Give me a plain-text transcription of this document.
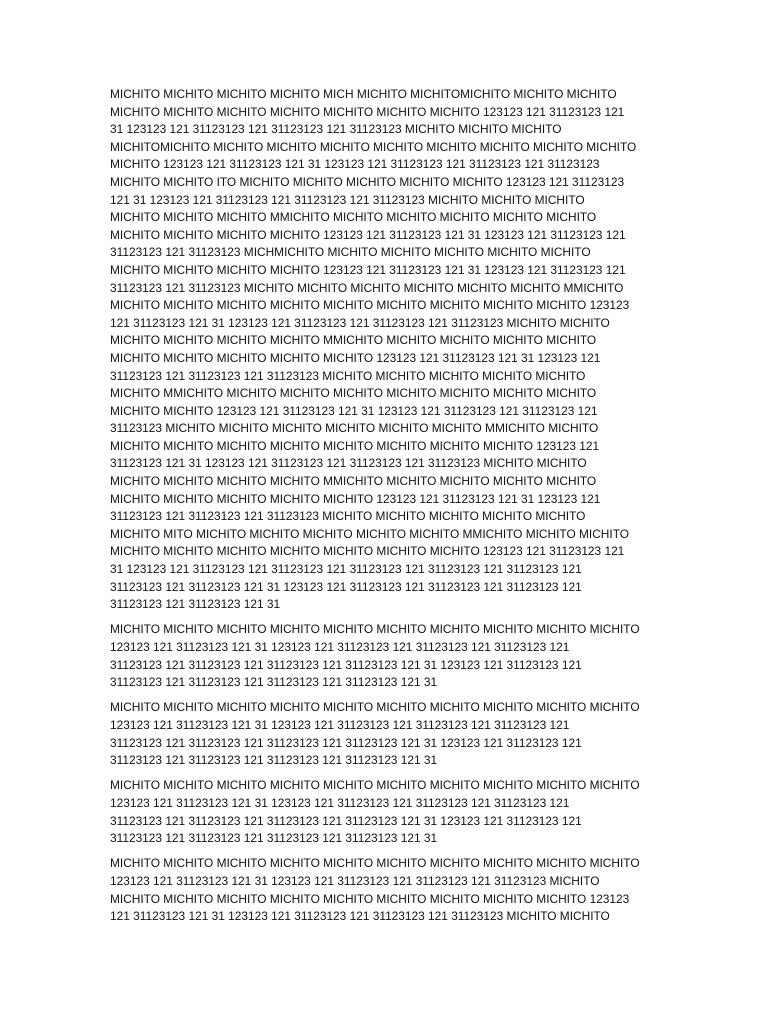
MICHITO MICHITO MICHITO MICHITO MICH MICHITO MICHITOMICHITO MICHITO MICHITO
MICHITO MICHITO MICHITO MICHITO MICHITO MICHITO MICHITO 123123 121 31123123 121
31 123123 121 31123123 121 31123123 121 31123123 MICHITO MICHITO MICHITO
MICHITOMICHITO MICHITO MICHITO MICHITO MICHITO MICHITO MICHITO MICHITO MICHITO
MICHITO 123123 121 31123123 121 31 123123 121 31123123 121 31123123 121 31123123
MICHITO MICHITO ITO MICHITO MICHITO MICHITO MICHITO MICHITO 123123 121 31123123
121 31 123123 121 31123123 121 31123123 121 31123123 MICHITO MICHITO MICHITO
MICHITO MICHITO MICHITO MMICHITO MICHITO MICHITO MICHITO MICHITO MICHITO
MICHITO MICHITO MICHITO MICHITO 123123 121 31123123 121 31 123123 121 31123123 121
31123123 121 31123123 MICHMICHITO MICHITO MICHITO MICHITO MICHITO MICHITO
MICHITO MICHITO MICHITO MICHITO 123123 121 31123123 121 31 123123 121 31123123 121
31123123 121 31123123 MICHITO MICHITO MICHITO MICHITO MICHITO MICHITO MMICHITO
MICHITO MICHITO MICHITO MICHITO MICHITO MICHITO MICHITO MICHITO MICHITO 123123
121 31123123 121 31 123123 121 31123123 121 31123123 121 31123123 MICHITO MICHITO
MICHITO MICHITO MICHITO MICHITO MMICHITO MICHITO MICHITO MICHITO MICHITO
MICHITO MICHITO MICHITO MICHITO MICHITO 123123 121 31123123 121 31 123123 121
31123123 121 31123123 121 31123123 MICHITO MICHITO MICHITO MICHITO MICHITO
MICHITO MMICHITO MICHITO MICHITO MICHITO MICHITO MICHITO MICHITO MICHITO
MICHITO MICHITO 123123 121 31123123 121 31 123123 121 31123123 121 31123123 121
31123123 MICHITO MICHITO MICHITO MICHITO MICHITO MICHITO MMICHITO MICHITO
MICHITO MICHITO MICHITO MICHITO MICHITO MICHITO MICHITO MICHITO 123123 121
31123123 121 31 123123 121 31123123 121 31123123 121 31123123 MICHITO MICHITO
MICHITO MICHITO MICHITO MICHITO MMICHITO MICHITO MICHITO MICHITO MICHITO
MICHITO MICHITO MICHITO MICHITO MICHITO 123123 121 31123123 121 31 123123 121
31123123 121 31123123 121 31123123 MICHITO MICHITO MICHITO MICHITO MICHITO
MICHITO MITO MICHITO MICHITO MICHITO MICHITO MICHITO MMICHITO MICHITO MICHITO
MICHITO MICHITO MICHITO MICHITO MICHITO MICHITO MICHITO 123123 121 31123123 121
31 123123 121 31123123 121 31123123 121 31123123 121 31123123 121 31123123 121
31123123 121 31123123 121 31 123123 121 31123123 121 31123123 121 31123123 121
31123123 121 31123123 121 31
MICHITO MICHITO MICHITO MICHITO MICHITO MICHITO MICHITO MICHITO MICHITO MICHITO
123123 121 31123123 121 31 123123 121 31123123 121 31123123 121 31123123 121
31123123 121 31123123 121 31123123 121 31123123 121 31 123123 121 31123123 121
31123123 121 31123123 121 31123123 121 31123123 121 31
MICHITO MICHITO MICHITO MICHITO MICHITO MICHITO MICHITO MICHITO MICHITO MICHITO
123123 121 31123123 121 31 123123 121 31123123 121 31123123 121 31123123 121
31123123 121 31123123 121 31123123 121 31123123 121 31 123123 121 31123123 121
31123123 121 31123123 121 31123123 121 31123123 121 31
MICHITO MICHITO MICHITO MICHITO MICHITO MICHITO MICHITO MICHITO MICHITO MICHITO
123123 121 31123123 121 31 123123 121 31123123 121 31123123 121 31123123 121
31123123 121 31123123 121 31123123 121 31123123 121 31 123123 121 31123123 121
31123123 121 31123123 121 31123123 121 31123123 121 31
MICHITO MICHITO MICHITO MICHITO MICHITO MICHITO MICHITO MICHITO MICHITO MICHITO
123123 121 31123123 121 31 123123 121 31123123 121 31123123 121 31123123 MICHITO
MICHITO MICHITO MICHITO MICHITO MICHITO MICHITO MICHITO MICHITO MICHITO 123123
121 31123123 121 31 123123 121 31123123 121 31123123 121 31123123 MICHITO MICHITO
